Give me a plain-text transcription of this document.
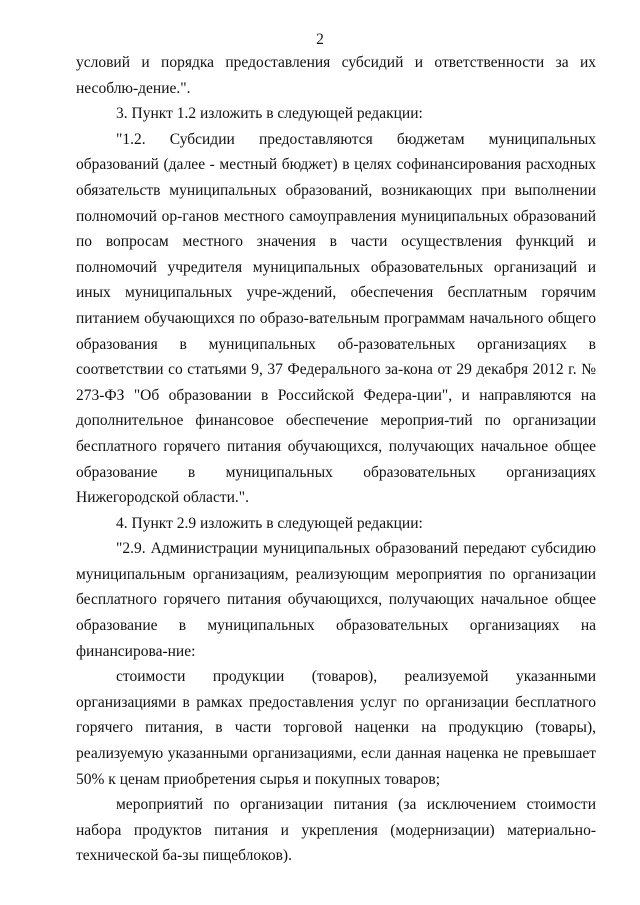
2

условий и порядка предоставления субсидий и ответственности за их несоблю-дение.".

3. Пункт 1.2 изложить в следующей редакции:

"1.2. Субсидии предоставляются бюджетам муниципальных образований (далее - местный бюджет) в целях софинансирования расходных обязательств муниципальных образований, возникающих при выполнении полномочий ор-ганов местного самоуправления муниципальных образований по вопросам местного значения в части осуществления функций и полномочий учредителя муниципальных образовательных организаций и иных муниципальных учре-ждений, обеспечения бесплатным горячим питанием обучающихся по образо-вательным программам начального общего образования в муниципальных об-разовательных организациях в соответствии со статьями 9, 37 Федерального за-кона от 29 декабря 2012 г. № 273-ФЗ "Об образовании в Российской Федера-ции", и направляются на дополнительное финансовое обеспечение мероприя-тий по организации бесплатного горячего питания обучающихся, получающих начальное общее образование в муниципальных образовательных организациях Нижегородской области.".

4. Пункт 2.9 изложить в следующей редакции:

"2.9. Администрации муниципальных образований передают субсидию муниципальным организациям, реализующим мероприятия по организации бесплатного горячего питания обучающихся, получающих начальное общее образование в муниципальных образовательных организациях на финансирова-ние:

стоимости продукции (товаров), реализуемой указанными организациями в рамках предоставления услуг по организации бесплатного горячего питания, в части торговой наценки на продукцию (товары), реализуемую указанными организациями, если данная наценка не превышает 50% к ценам приобретения сырья и покупных товаров;

мероприятий по организации питания (за исключением стоимости набора продуктов питания и укрепления (модернизации) материально-технической ба-зы пищеблоков).
